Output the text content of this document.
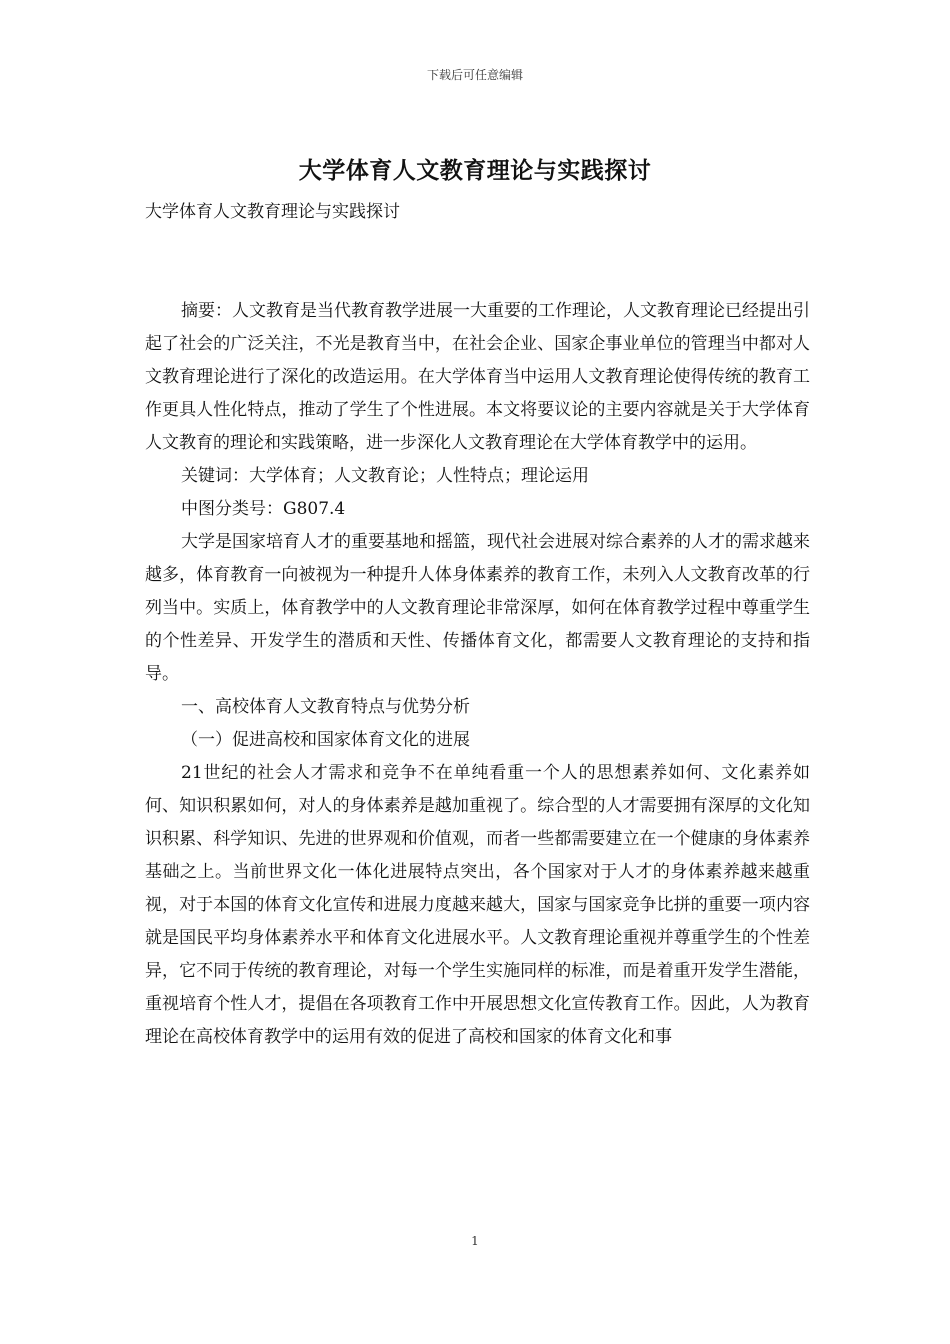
下载后可任意编辑
大学体育人文教育理论与实践探讨

大学体育人文教育理论与实践探讨

摘要：人文教育是当代教育教学进展一大重要的工作理论，人文教育理论已经提出引起了社会的广泛关注，不光是教育当中，在社会企业、国家企事业单位的管理当中都对人文教育理论进行了深化的改造运用。在大学体育当中运用人文教育理论使得传统的教育工作更具人性化特点，推动了学生了个性进展。本文将要议论的主要内容就是关于大学体育人文教育的理论和实践策略，进一步深化人文教育理论在大学体育教学中的运用。

关键词：大学体育；人文教育论；人性特点；理论运用

中图分类号：G807.4

大学是国家培育人才的重要基地和摇篮，现代社会进展对综合素养的人才的需求越来越多，体育教育一向被视为一种提升人体身体素养的教育工作，未列入人文教育改革的行列当中。实质上，体育教学中的人文教育理论非常深厚，如何在体育教学过程中尊重学生的个性差异、开发学生的潜质和天性、传播体育文化，都需要人文教育理论的支持和指导。

一、高校体育人文教育特点与优势分析

（一）促进高校和国家体育文化的进展

21世纪的社会人才需求和竞争不在单纯看重一个人的思想素养如何、文化素养如何、知识积累如何，对人的身体素养是越加重视了。综合型的人才需要拥有深厚的文化知识积累、科学知识、先进的世界观和价值观，而者一些都需要建立在一个健康的身体素养基础之上。当前世界文化一体化进展特点突出，各个国家对于人才的身体素养越来越重视，对于本国的体育文化宣传和进展力度越来越大，国家与国家竞争比拼的重要一项内容就是国民平均身体素养水平和体育文化进展水平。人文教育理论重视并尊重学生的个性差异，它不同于传统的教育理论，对每一个学生实施同样的标准，而是着重开发学生潜能，重视培育个性人才，提倡在各项教育工作中开展思想文化宣传教育工作。因此，人为教育理论在高校体育教学中的运用有效的促进了高校和国家的体育文化和事

1
